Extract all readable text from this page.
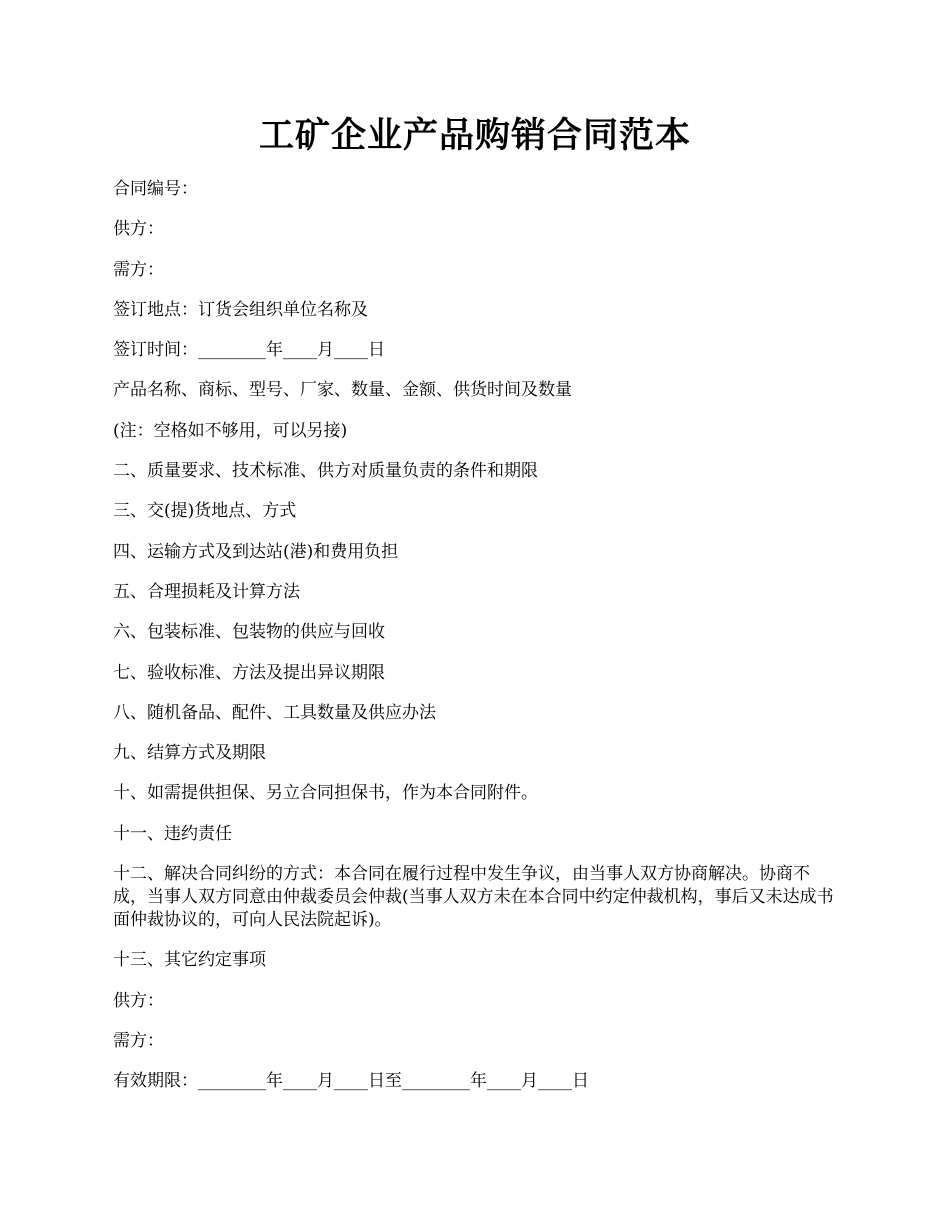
工矿企业产品购销合同范本

合同编号：

供方：

需方：

签订地点：订货会组织单位名称及

签订时间：________年____月____日

产品名称、商标、型号、厂家、数量、金额、供货时间及数量

(注：空格如不够用，可以另接)

二、质量要求、技术标准、供方对质量负责的条件和期限

三、交(提)货地点、方式

四、运输方式及到达站(港)和费用负担

五、合理损耗及计算方法

六、包装标准、包装物的供应与回收

七、验收标准、方法及提出异议期限

八、随机备品、配件、工具数量及供应办法

九、结算方式及期限

十、如需提供担保、另立合同担保书，作为本合同附件。

十一、违约责任

十二、解决合同纠纷的方式：本合同在履行过程中发生争议，由当事人双方协商解决。协商不成，当事人双方同意由仲裁委员会仲裁(当事人双方未在本合同中约定仲裁机构，事后又未达成书面仲裁协议的，可向人民法院起诉)。

十三、其它约定事项

供方：

需方：

有效期限：________年____月____日至________年____月____日
